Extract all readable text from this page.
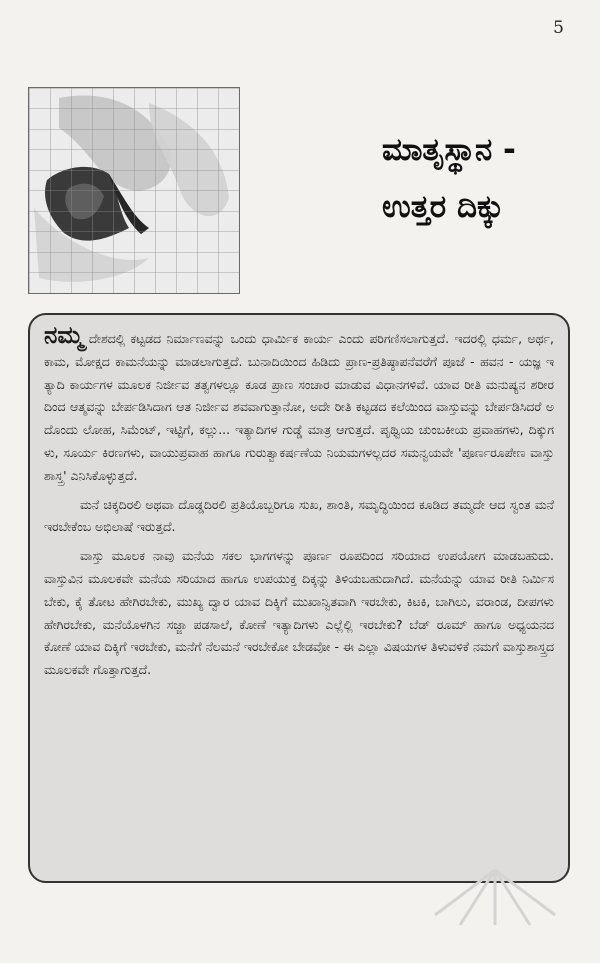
5
ಮಾತೃಸ್ಥಾನ -
ಉತ್ತರ ದಿಕ್ಕು

ನಮ್ಮ ದೇಶದಲ್ಲಿ ಕಟ್ಟಡದ ನಿರ್ಮಾಣವನ್ನು ಒಂದು ಧಾರ್ಮಿಕ ಕಾರ್ಯ ಎಂದು ಪರಿಗಣಿಸಲಾಗುತ್ತದೆ. ಇದರಲ್ಲಿ ಧರ್ಮ, ಅರ್ಥ, ಕಾಮ, ಮೋಕ್ಷದ ಕಾಮನೆಯನ್ನು ಮಾಡಲಾಗುತ್ತದೆ. ಬುನಾದಿಯಿಂದ ಹಿಡಿದು ಪ್ರಾಣ-ಪ್ರತಿಷ್ಠಾಪನೆವರೆಗೆ ಪೂಜೆ - ಹವನ - ಯಜ್ಞ ಇತ್ಯಾದಿ ಕಾರ್ಯಗಳ ಮೂಲಕ ನಿರ್ಜೀವ ತತ್ವಗಳಲ್ಲೂ ಕೂಡ ಪ್ರಾಣ ಸಂಚಾರ ಮಾಡುವ ವಿಧಾನಗಳಿವೆ. ಯಾವ ರೀತಿ ಮನುಷ್ಯನ ಶರೀರದಿಂದ ಆತ್ಮವನ್ನು ಬೇರ್ಪಡಿಸಿದಾಗ ಆತ ನಿರ್ಜೀವ ಶವವಾಗುತ್ತಾನೋ, ಅದೇ ರೀತಿ ಕಟ್ಟಡದ ಕಲೆಯಿಂದ ವಾಸ್ತುವನ್ನು ಬೇರ್ಪಡಿಸಿದರೆ ಅದೊಂದು ಲೋಹ, ಸಿಮೆಂಟ್, ಇಟ್ಟಿಗೆ, ಕಲ್ಲು... ಇತ್ಯಾದಿಗಳ ಗುಡ್ಡೆ ಮಾತ್ರ ಆಗುತ್ತದೆ. ಪೃಥ್ವಿಯ ಚುಂಬಕೀಯ ಪ್ರವಾಹಗಳು, ದಿಕ್ಕುಗಳು, ಸೂರ್ಯ ಕಿರಣಗಳು, ವಾಯುಪ್ರವಾಹ ಹಾಗೂ ಗುರುತ್ವಾಕರ್ಷಣೆಯ ನಿಯಮಗಳಲ್ಲದರ ಸಮನ್ವಯವೇ 'ಪೂರ್ಣರೂಪೇಣ ವಾಸ್ತು ಶಾಸ್ತ್ರ' ಎನಿಸಿಕೊಳ್ಳುತ್ತದೆ.

ಮನೆ ಚಿಕ್ಕದಿರಲಿ ಅಥವಾ ದೊಡ್ಡದಿರಲಿ ಪ್ರತಿಯೊಬ್ಬರಿಗೂ ಸುಖ, ಶಾಂತಿ, ಸಮೃದ್ಧಿಯಿಂದ ಕೂಡಿದ ತಮ್ಮದೇ ಆದ ಸ್ವಂತ ಮನೆ ಇರಬೇಕೆಂಬ ಅಭಿಲಾಷೆ ಇರುತ್ತದೆ.

ವಾಸ್ತು ಮೂಲಕ ನಾವು ಮನೆಯ ಸಕಲ ಭಾಗಗಳನ್ನು ಪೂರ್ಣ ರೂಪದಿಂದ ಸರಿಯಾದ ಉಪಯೋಗ ಮಾಡಬಹುದು. ವಾಸ್ತುವಿನ ಮೂಲಕವೇ ಮನೆಯ ಸರಿಯಾದ ಹಾಗೂ ಉಪಯುಕ್ತ ದಿಕ್ಕನ್ನು ತಿಳಿಯಬಹುದಾಗಿದೆ. ಮನೆಯನ್ನು ಯಾವ ರೀತಿ ನಿರ್ಮಿಸಬೇಕು, ಕೈ ತೋಟ ಹೇಗಿರಬೇಕು, ಮುಖ್ಯ ದ್ವಾರ ಯಾವ ದಿಕ್ಕಿಗೆ ಮುಖಾನ್ವಿತವಾಗಿ ಇರಬೇಕು, ಕಿಟಕಿ, ಬಾಗಿಲು, ವರಾಂಡ, ದೀಪಗಳು ಹೇಗಿರಬೇಕು, ಮನೆಯೊಳಗಿನ ಸಜ್ಜಾ ಪಡಸಾಲೆ, ಕೋಣೆ ಇತ್ಯಾದಿಗಳು ಎಲ್ಲೆಲ್ಲಿ ಇರಬೇಕು? ಬೆಡ್ ರೂಮ್ ಹಾಗೂ ಅಧ್ಯಯನದ ಕೋಣೆ ಯಾವ ದಿಕ್ಕಿಗೆ ಇರಬೇಕು, ಮನೆಗೆ ನೆಲಮನೆ ಇರಬೇಕೋ ಬೇಡವೋ - ಈ ಎಲ್ಲಾ ವಿಷಯಗಳ ತಿಳುವಳಿಕೆ ನಮಗೆ ವಾಸ್ತುಶಾಸ್ತ್ರದ ಮೂಲಕವೇ ಗೊತ್ತಾಗುತ್ತದೆ.
